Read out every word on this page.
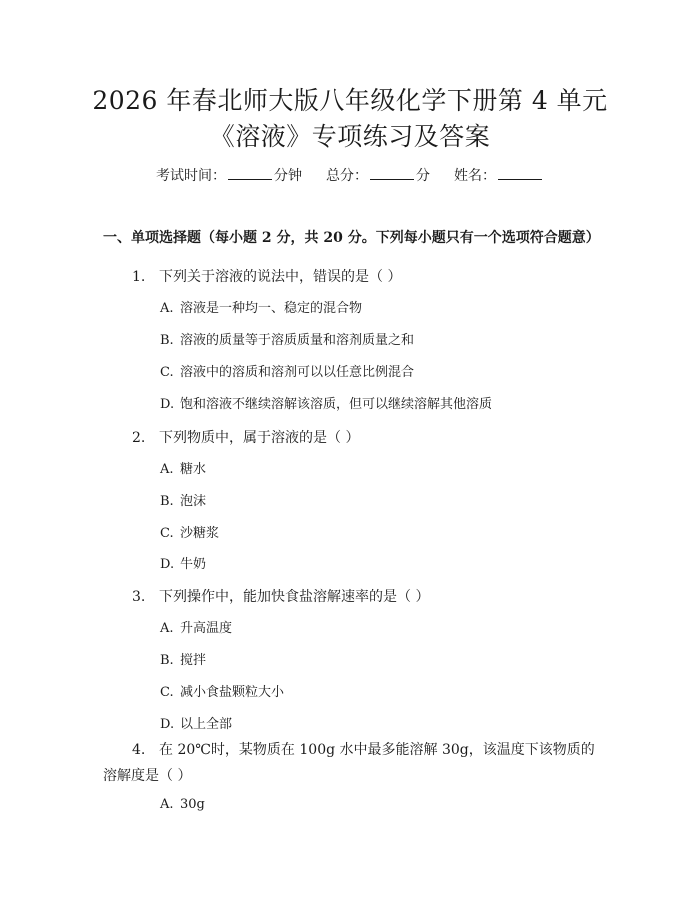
2026 年春北师大版八年级化学下册第 4 单元
《溶液》专项练习及答案
考试时间：	分钟 总分：	分 姓名：
一、单项选择题（每小题 2 分，共 20 分。下列每小题只有一个选项符合题意）
1. 下列关于溶液的说法中，错误的是（ ）
A. 溶液是一种均一、稳定的混合物
B. 溶液的质量等于溶质质量和溶剂质量之和
C. 溶液中的溶质和溶剂可以以任意比例混合
D. 饱和溶液不继续溶解该溶质，但可以继续溶解其他溶质
2. 下列物质中，属于溶液的是（ ）
A. 糖水
B. 泡沫
C. 沙糖浆
D. 牛奶
3. 下列操作中，能加快食盐溶解速率的是（ ）
A. 升高温度
B. 搅拌
C. 减小食盐颗粒大小
D. 以上全部
4. 在 20℃时，某物质在 100g 水中最多能溶解 30g，该温度下该物质的溶解度是（ ）
A. 30g
